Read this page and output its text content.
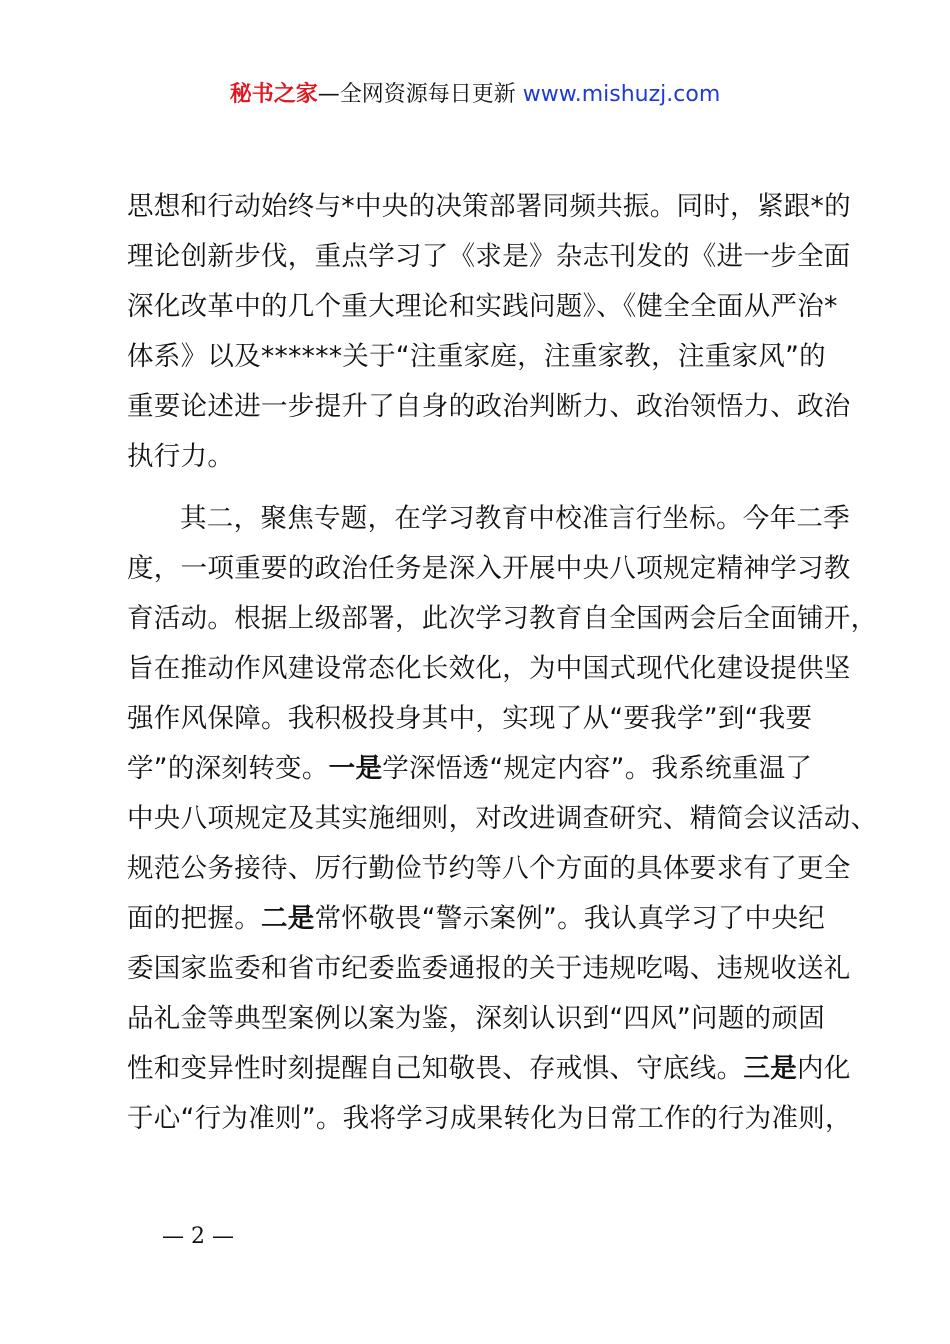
秘书之家—全网资源每日更新 www.mishuzj.com
思想和行动始终与*中央的决策部署同频共振。同时，紧跟*的
理论创新步伐，重点学习了《求是》杂志刊发的《进一步全面
深化改革中的几个重大理论和实践问题》、《健全全面从严治*
体系》以及******关于“注重家庭，注重家教，注重家风”的
重要论述进一步提升了自身的政治判断力、政治领悟力、政治
执行力。
其二，聚焦专题，在学习教育中校准言行坐标。今年二季
度，一项重要的政治任务是深入开展中央八项规定精神学习教
育活动。根据上级部署，此次学习教育自全国两会后全面铺开，
旨在推动作风建设常态化长效化，为中国式现代化建设提供坚
强作风保障。我积极投身其中，实现了从“要我学”到“我要
学”的深刻转变。一是学深悟透“规定内容”。我系统重温了
中央八项规定及其实施细则，对改进调查研究、精简会议活动、
规范公务接待、厉行勤俭节约等八个方面的具体要求有了更全
面的把握。二是常怀敬畏“警示案例”。我认真学习了中央纪
委国家监委和省市纪委监委通报的关于违规吃喝、违规收送礼
品礼金等典型案例以案为鉴，深刻认识到“四风”问题的顽固
性和变异性时刻提醒自己知敬畏、存戒惧、守底线。三是内化
于心“行为准则”。我将学习成果转化为日常工作的行为准则，
— 2 —
